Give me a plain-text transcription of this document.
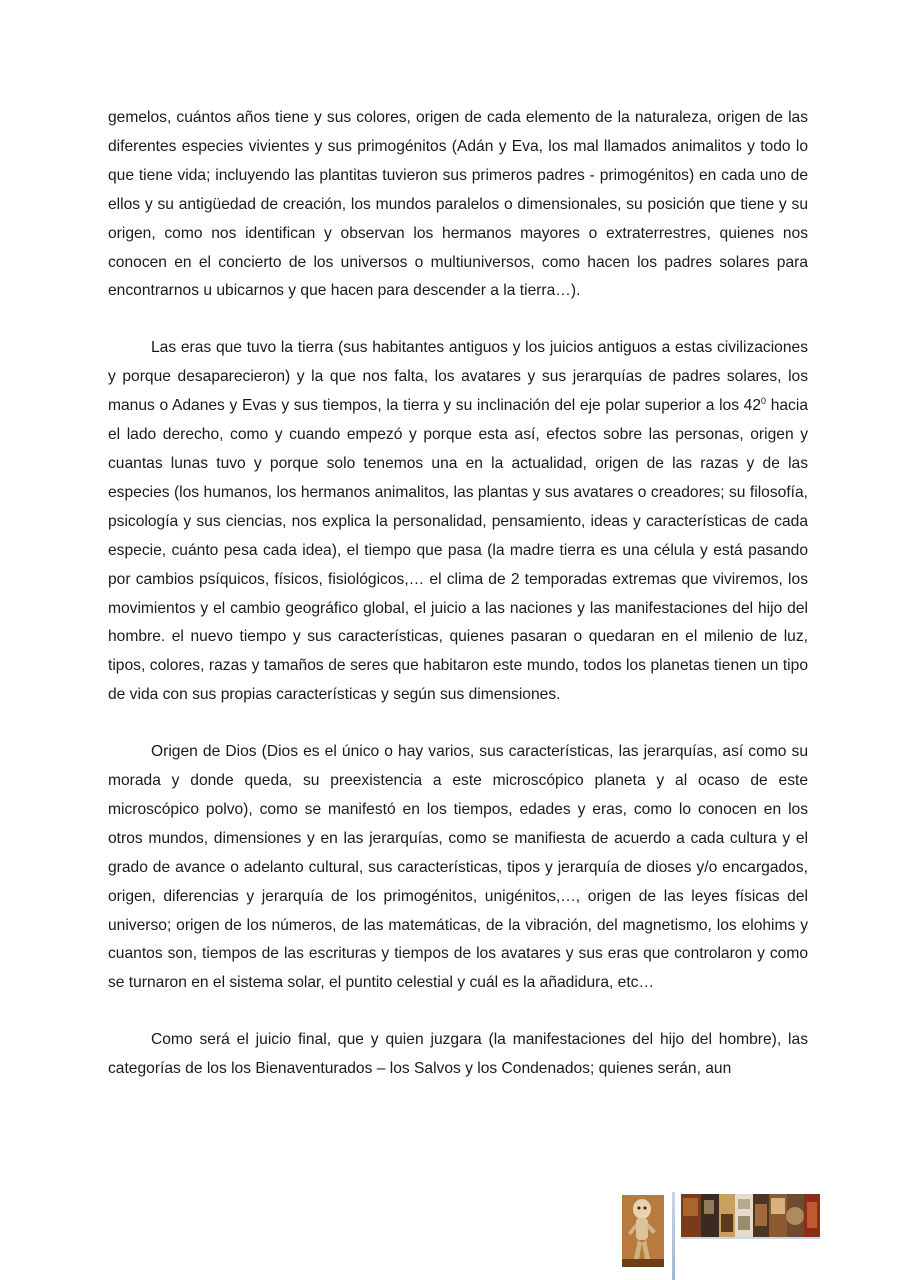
gemelos, cuántos años tiene y sus colores, origen de cada elemento de la naturaleza, origen de las diferentes especies vivientes y sus primogénitos (Adán y Eva, los mal llamados animalitos y todo lo que tiene vida; incluyendo las plantitas tuvieron sus primeros padres - primogénitos) en cada uno de ellos y su antigüedad de creación, los mundos paralelos o dimensionales, su posición que tiene y su origen, como nos identifican y observan los hermanos mayores o extraterrestres, quienes nos conocen en el concierto de los universos o multiuniversos, como hacen los padres solares para encontrarnos u ubicarnos y que hacen para descender a la tierra…).

Las eras que tuvo la tierra (sus habitantes antiguos y los juicios antiguos a estas civilizaciones y porque desaparecieron) y la que nos falta, los avatares y sus jerarquías de padres solares, los manus o Adanes y Evas y sus tiempos, la tierra y su inclinación del eje polar superior a los $42^0$ hacia el lado derecho, como y cuando empezó y porque esta así, efectos sobre las personas, origen y cuantas lunas tuvo y porque solo tenemos una en la actualidad, origen de las razas y de las especies (los humanos, los hermanos animalitos, las plantas y sus avatares o creadores; su filosofía, psicología y sus ciencias, nos explica la personalidad, pensamiento, ideas y características de cada especie, cuánto pesa cada idea), el tiempo que pasa (la madre tierra es una célula y está pasando por cambios psíquicos, físicos, fisiológicos,… el clima de 2 temporadas extremas que viviremos, los movimientos y el cambio geográfico global, el juicio a las naciones y las manifestaciones del hijo del hombre. el nuevo tiempo y sus características, quienes pasaran o quedaran en el milenio de luz, tipos, colores, razas y tamaños de seres que habitaron este mundo, todos los planetas tienen un tipo de vida con sus propias características y según sus dimensiones.

Origen de Dios (Dios es el único o hay varios, sus características, las jerarquías, así como su morada y donde queda, su preexistencia a este microscópico planeta y al ocaso de este microscópico polvo), como se manifestó en los tiempos, edades y eras, como lo conocen en los otros mundos, dimensiones y en las jerarquías, como se manifiesta de acuerdo a cada cultura y el grado de avance o adelanto cultural, sus características, tipos y jerarquía de dioses y/o encargados, origen, diferencias y jerarquía de los primogénitos, unigénitos,…, origen de las leyes físicas del universo; origen de los números, de las matemáticas, de la vibración, del magnetismo, los elohims y cuantos son, tiempos de las escrituras y tiempos de los avatares y sus eras que controlaron y como se turnaron en el sistema solar, el puntito celestial y cuál es la añadidura, etc…

Como será el juicio final, que y quien juzgara (la manifestaciones del hijo del hombre), las categorías de los los Bienaventurados – los Salvos y los Condenados; quienes serán, aun
